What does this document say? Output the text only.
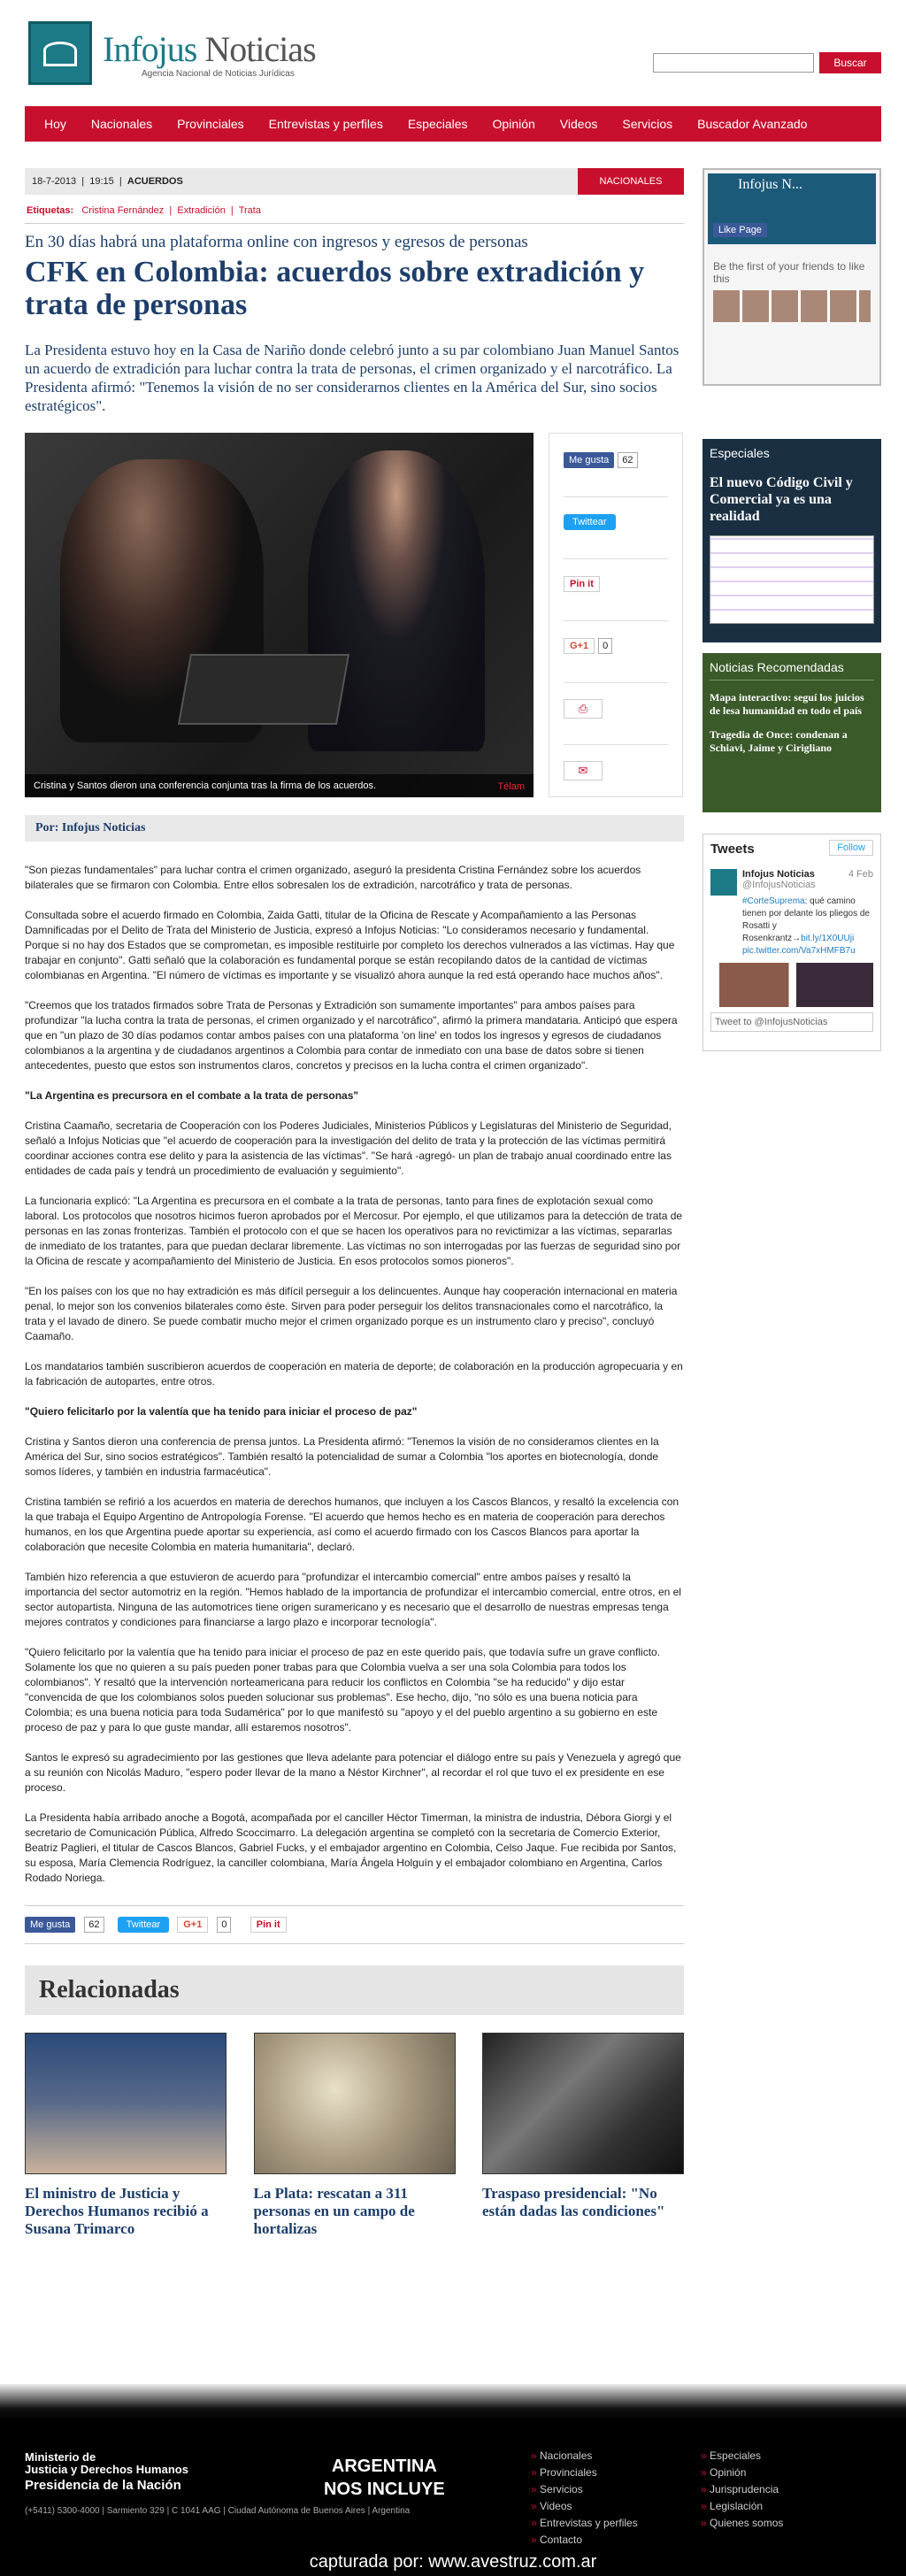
Infojus Noticias
Agencia Nacional de Noticias Jurídicas
Buscar
Hoy	Nacionales	Provinciales	Entrevistas y perfiles	Especiales	Opinión	Videos	Servicios	Buscador Avanzado
18-7-2013  |  19:15  |  ACUERDOS	NACIONALES
Etiquetas: Cristina Fernández  |  Extradición  |  Trata
En 30 días habrá una plataforma online con ingresos y egresos de personas
CFK en Colombia: acuerdos sobre extradición y trata de personas
La Presidenta estuvo hoy en la Casa de Nariño donde celebró junto a su par colombiano Juan Manuel Santos un acuerdo de extradición para luchar contra la trata de personas, el crimen organizado y el narcotráfico. La Presidenta afirmó: "Tenemos la visión de no ser considerarnos clientes en la América del Sur, sino socios estratégicos".
Cristina y Santos dieron una conferencia conjunta tras la firma de los acuerdos.	Télam
Me gusta 62
Twittear
Pin it
G+1 0
⎙
✉
Por: Infojus Noticias

"Son piezas fundamentales" para luchar contra el crimen organizado, aseguró la presidenta Cristina Fernández sobre los acuerdos bilaterales que se firmaron con Colombia. Entre ellos sobresalen los de extradición, narcotráfico y trata de personas.

Consultada sobre el acuerdo firmado en Colombia, Zaida Gatti, titular de la Oficina de Rescate y Acompañamiento a las Personas Damnificadas por el Delito de Trata del Ministerio de Justicia, expresó a Infojus Noticias: "Lo consideramos necesario y fundamental. Porque si no hay dos Estados que se comprometan, es imposible restituirle por completo los derechos vulnerados a las víctimas. Hay que trabajar en conjunto". Gatti señaló que la colaboración es fundamental porque se están recopilando datos de la cantidad de víctimas colombianas en Argentina. "El número de víctimas es importante y se visualizó ahora aunque la red está operando hace muchos años".

"Creemos que los tratados firmados sobre Trata de Personas y Extradición son sumamente importantes" para ambos países para profundizar "la lucha contra la trata de personas, el crimen organizado y el narcotráfico", afirmó la primera mandataria. Anticipó que espera que en "un plazo de 30 días podamos contar ambos países con una plataforma 'on line' en todos los ingresos y egresos de ciudadanos colombianos a la argentina y de ciudadanos argentinos a Colombia para contar de inmediato con una base de datos sobre si tienen antecedentes, puesto que estos son instrumentos claros, concretos y precisos en la lucha contra el crimen organizado".

"La Argentina es precursora en el combate a la trata de personas"

Cristina Caamaño, secretaria de Cooperación con los Poderes Judiciales, Ministerios Públicos y Legislaturas del Ministerio de Seguridad, señaló a Infojus Noticias que "el acuerdo de cooperación para la investigación del delito de trata y la protección de las víctimas permitirá coordinar acciones contra ese delito y para la asistencia de las víctimas". "Se hará -agregó- un plan de trabajo anual coordinado entre las entidades de cada país y tendrá un procedimiento de evaluación y seguimiento".

La funcionaria explicó: "La Argentina es precursora en el combate a la trata de personas, tanto para fines de explotación sexual como laboral. Los protocolos que nosotros hicimos fueron aprobados por el Mercosur. Por ejemplo, el que utilizamos para la detección de trata de personas en las zonas fronterizas. También el protocolo con el que se hacen los operativos para no revictimizar a las víctimas, separarlas de inmediato de los tratantes, para que puedan declarar libremente. Las víctimas no son interrogadas por las fuerzas de seguridad sino por la Oficina de rescate y acompañamiento del Ministerio de Justicia. En esos protocolos somos pioneros".

"En los países con los que no hay extradición es más difícil perseguir a los delincuentes. Aunque hay cooperación internacional en materia penal, lo mejor son los convenios bilaterales como éste. Sirven para poder perseguir los delitos transnacionales como el narcotráfico, la trata y el lavado de dinero. Se puede combatir mucho mejor el crimen organizado porque es un instrumento claro y preciso", concluyó Caamaño.

Los mandatarios también suscribieron acuerdos de cooperación en materia de deporte; de colaboración en la producción agropecuaria y en la fabricación de autopartes, entre otros.

"Quiero felicitarlo por la valentía que ha tenido para iniciar el proceso de paz"

Cristina y Santos dieron una conferencia de prensa juntos. La Presidenta afirmó: "Tenemos la visión de no consideramos clientes en la América del Sur, sino socios estratégicos". También resaltó la potencialidad de sumar a Colombia "los aportes en biotecnología, donde somos líderes, y también en industria farmacéutica".

Cristina también se refirió a los acuerdos en materia de derechos humanos, que incluyen a los Cascos Blancos, y resaltó la excelencia con la que trabaja el Equipo Argentino de Antropología Forense. "El acuerdo que hemos hecho es en materia de cooperación para derechos humanos, en los que Argentina puede aportar su experiencia, así como el acuerdo firmado con los Cascos Blancos para aportar la colaboración que necesite Colombia en materia humanitaria", declaró.

También hizo referencia a que estuvieron de acuerdo para "profundizar el intercambio comercial" entre ambos países y resaltó la importancia del sector automotriz en la región. "Hemos hablado de la importancia de profundizar el intercambio comercial, entre otros, en el sector autopartista. Ninguna de las automotrices tiene origen suramericano y es necesario que el desarrollo de nuestras empresas tenga mejores contratos y condiciones para financiarse a largo plazo e incorporar tecnología".

"Quiero felicitarlo por la valentía que ha tenido para iniciar el proceso de paz en este querido país, que todavía sufre un grave conflicto. Solamente los que no quieren a su país pueden poner trabas para que Colombia vuelva a ser una sola Colombia para todos los colombianos". Y resaltó que la intervención norteamericana para reducir los conflictos en Colombia "se ha reducido" y dijo estar "convencida de que los colombianos solos pueden solucionar sus problemas". Ese hecho, dijo, "no sólo es una buena noticia para Colombia; es una buena noticia para toda Sudamérica" por lo que manifestó su "apoyo y el del pueblo argentino a su gobierno en este proceso de paz y para lo que guste mandar, allí estaremos nosotros".

Santos le expresó su agradecimiento por las gestiones que lleva adelante para potenciar el diálogo entre su país y Venezuela y agregó que a su reunión con Nicolás Maduro, "espero poder llevar de la mano a Néstor Kirchner", al recordar el rol que tuvo el ex presidente en ese proceso.

La Presidenta había arribado anoche a Bogotá, acompañada por el canciller Héctor Timerman, la ministra de industria, Débora Giorgi y el secretario de Comunicación Pública, Alfredo Scoccimarro. La delegación argentina se completó con la secretaria de Comercio Exterior, Beatriz Paglieri, el titular de Cascos Blancos, Gabriel Fucks, y el embajador argentino en Colombia, Celso Jaque. Fue recibida por Santos, su esposa, María Clemencia Rodríguez, la canciller colombiana, María Ángela Holguín y el embajador colombiano en Argentina, Carlos Rodado Noriega.

Me gusta 62	Twittear G+1 0	Pin it
Relacionadas
El ministro de Justicia y Derechos Humanos recibió a Susana Trimarco
La Plata: rescatan a 311 personas en un campo de hortalizas
Traspaso presidencial: "No están dadas las condiciones"
Infojus N...
Like Page
Be the first of your friends to like this
Especiales
El nuevo Código Civil y Comercial ya es una realidad
Noticias Recomendadas
Mapa interactivo: seguí los juicios de lesa humanidad en todo el país
Tragedia de Once: condenan a Schiavi, Jaime y Cirigliano
Tweets	Follow
Infojus Noticias
@InfojusNoticias
4 Feb
#CorteSuprema: qué camino tienen por delante los pliegos de Rosatti y Rosenkrantz→bit.ly/1X0UUji pic.twitter.com/Va7xHMFB7u
Tweet to @InfojusNoticias
Ministerio de
Justicia y Derechos Humanos
Presidencia de la Nación
(+5411) 5300-4000 | Sarmiento 329 | C 1041 AAG | Ciudad Autónoma de Buenos Aires | Argentina
ARGENTINA
NOS INCLUYE
» Nacionales
» Provinciales
» Servicios
» Videos
» Entrevistas y perfiles
» Contacto
» Especiales
» Opinión
» Jurisprudencia
» Legislación
» Quienes somos
capturada por: www.avestruz.com.ar
